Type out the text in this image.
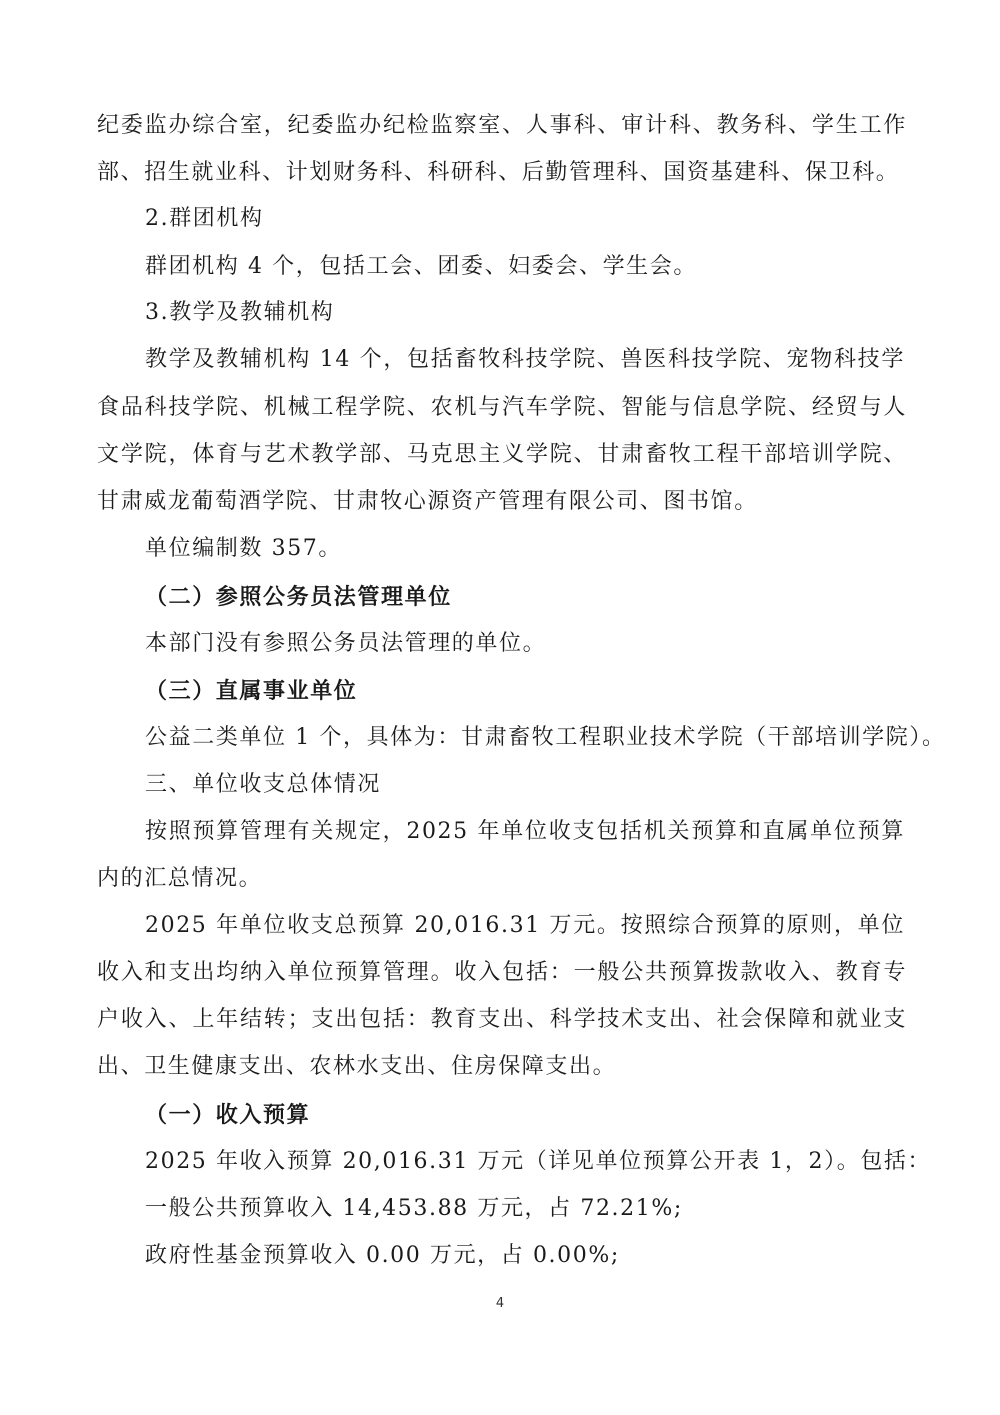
纪委监办综合室，纪委监办纪检监察室、人事科、审计科、教务科、学生工作
部、招生就业科、计划财务科、科研科、后勤管理科、国资基建科、保卫科。
2.群团机构
群团机构 4 个，包括工会、团委、妇委会、学生会。
3.教学及教辅机构
教学及教辅机构 14 个，包括畜牧科技学院、兽医科技学院、宠物科技学
食品科技学院、机械工程学院、农机与汽车学院、智能与信息学院、经贸与人
文学院，体育与艺术教学部、马克思主义学院、甘肃畜牧工程干部培训学院、
甘肃威龙葡萄酒学院、甘肃牧心源资产管理有限公司、图书馆。
单位编制数 357。
（二）参照公务员法管理单位
本部门没有参照公务员法管理的单位。
（三）直属事业单位
公益二类单位 1 个，具体为：甘肃畜牧工程职业技术学院（干部培训学院）。
三、单位收支总体情况
按照预算管理有关规定，2025 年单位收支包括机关预算和直属单位预算
内的汇总情况。
2025 年单位收支总预算 20,016.31 万元。按照综合预算的原则，单位
收入和支出均纳入单位预算管理。收入包括：一般公共预算拨款收入、教育专
户收入、上年结转；支出包括：教育支出、科学技术支出、社会保障和就业支
出、卫生健康支出、农林水支出、住房保障支出。
（一）收入预算
2025 年收入预算 20,016.31 万元（详见单位预算公开表 1，2）。包括：
一般公共预算收入 14,453.88 万元，占 72.21%;
政府性基金预算收入 0.00 万元，占 0.00%;
4
